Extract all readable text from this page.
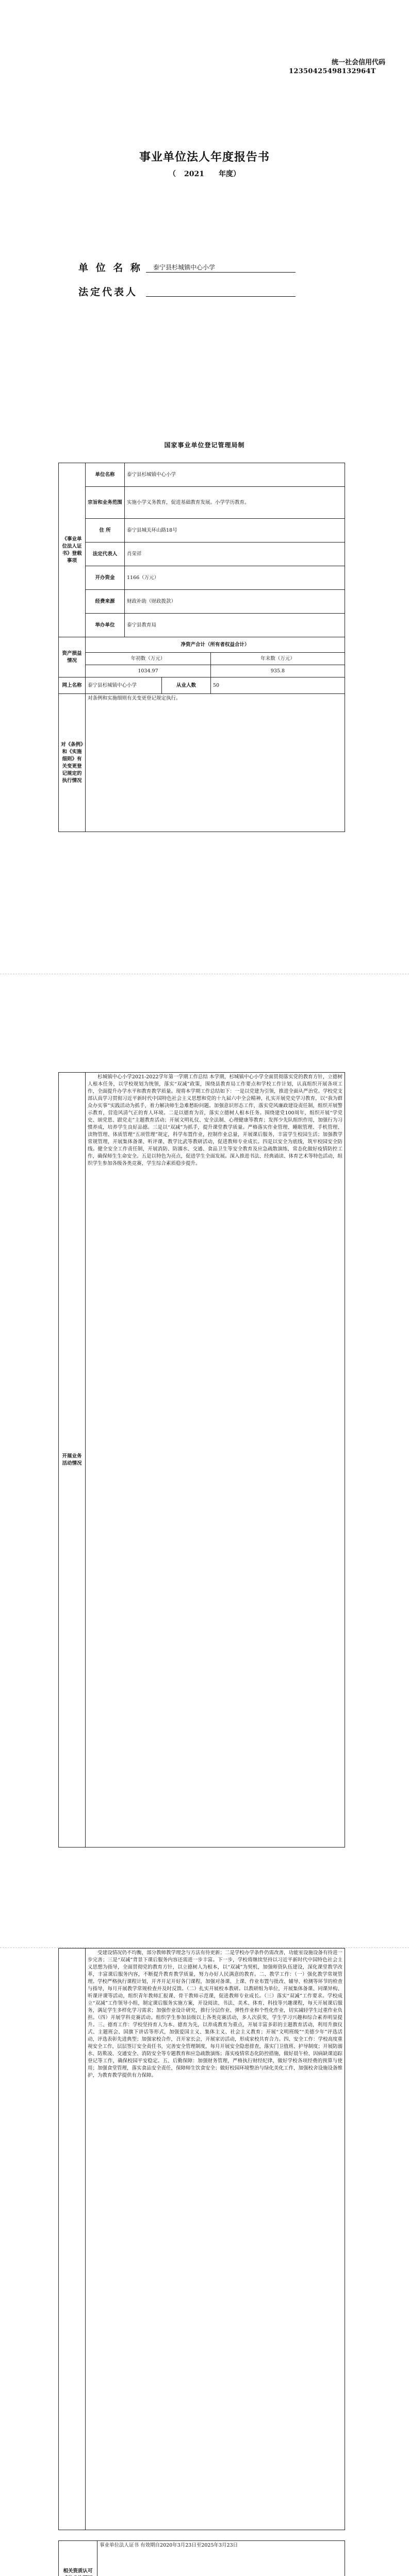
统一社会信用代码
12350425498132964T
事业单位法人年度报告书
（ 2021 年度）
单 位 名 称	泰宁县杉城镇中心小学
法定代表人
国家事业单位登记管理局制
《事业单位法人证书》登载事项	单位名称	泰宁县杉城镇中心小学		
	宗旨和业务范围	实施小学义务教育，促进基础教育发展。小学学历教育。		
	住 所	泰宁县城关环山路18号		
	法定代表人	肖荣祥		
	开办资金	1166（万元）		
	经费来源	财政补助（财政拨款）		
	举办单位	泰宁县教育局		
资产损益情况	净资产合计（所有者权益合计）			
	年初数（万元）			年末数（万元）
	1034.97			935.8
网上名称	泰宁县杉城镇中心小学		从业人数	50
对《条例》和《实施细则》有关变更登记规定的执行情况	对条例和实施细则有关变更登记规定执行。			
开展业务活动情况	杉城镇中心小学2021-2022学年第一学期工作总结 本学期，杉城镇中心小学全面贯彻落实党的教育方针，立德树人根本任务，以学校规划为统领，落实“双减”政策，围绕县教育局工作要点和学校工作计划，认真组织开展各项工作，全面提升办学水平和教育教学质量。现将本学期工作总结如下：一是以党建为引领，推进全面从严治党。学校党支部认真学习贯彻习近平新时代中国特色社会主义思想和党的十九届六中全会精神，扎实开展党史学习教育，以“我为群众办实事”实践活动为抓手，着力解决师生急难愁盼问题。加强意识形态工作，落实党风廉政建设责任制，组织开展警示教育，营造风清气正的育人环境。二是以德育为首，落实立德树人根本任务。围绕建党100周年，组织开展“学党史、颂党恩、跟党走”主题教育活动；开展文明礼仪、安全法制、心理健康等教育；发挥少先队组织作用，加强行为习惯养成，培养学生良好品德。三是以“双减”为抓手，提升课堂教学质量。严格落实作业管理、睡眠管理、手机管理、读物管理、体质管理“五项管理”规定，科学布置作业，控制作业总量，开展课后服务，丰富学生校园生活；加强教学常规管理，开展集体备课、听评课、教学比武等教研活动，促进教师专业成长。四是以安全为底线，筑牢校园安全防线。健全安全工作责任制，开展消防、防溺水、交通、食品卫生等安全教育及应急疏散演练，常态化做好疫情防控工作，确保师生生命安全。五是以特色为亮点，促进学生全面发展。深入推进书法、经典诵读、体育艺术等特色活动，组织学生参加各级各类竞赛，学生综合素质稳步提升。
	受建设情况仍不均衡，部分教师教学理念与方法有待更新；二是学校办学条件仍需改善，功能室设施设备有待进一步完善；三是“双减”背景下课后服务内容还需进一步丰富。下一步，学校将继续坚持以习近平新时代中国特色社会主义思想为指导，全面贯彻党的教育方针，以立德树人为根本，以“双减”为契机，加强师资队伍建设，深化课堂教学改革，丰富课后服务内容，不断提升教育教学质量，努力办好人民满意的教育。二、教学工作：（一）强化教学常规管理。学校严格执行课程计划，开齐开足开好各门课程，加强对备课、上课、作业布置与批改、辅导、检测等环节的检查与指导，每月开展教学常规检查并及时反馈。（二）扎实开展校本教研。以教研组为单位，开展集体备课、同课异构、听课评课等活动，组织青年教师汇报课、骨干教师示范课，促进教师专业成长。（三）落实“双减”工作要求。学校成立“双减”工作领导小组，制定课后服务实施方案，开设阅读、书法、美术、体育、科技等兴趣课程，每天开展课后服务，满足学生多样化学习需求；加强作业设计研究，推行分层作业、弹性作业和个性化作业，切实减轻学生过重作业负担。（四）开展学科竞赛活动。组织学生参加县级以上各类竞赛活动，多人次获奖，学生学习兴趣和综合素养明显提升。三、德育工作：学校坚持育人为本、德育为先，以养成教育为重点，开展丰富多彩的主题教育活动，利用升旗仪式、主题班会、国旗下讲话等形式，加强爱国主义、集体主义、社会主义教育；开展“文明班级”“美德少年”评选活动，评选表彰先进典型；加强家校合作，召开家长会，开展家访活动，形成家校共育合力。四、安全工作：学校高度重视安全工作，层层签订安全责任书，完善安全管理制度，每月开展安全隐患排查，落实门卫值班、护导制度；开展防溺水、防欺凌、交通安全、消防安全等专题教育和应急疏散演练；落实疫情常态化防控措施，做好晨午检、因病缺课追踪登记等工作，确保校园平安稳定。五、后勤保障：加强财务管理，严格执行财经纪律，做好学校各项经费的预算与使用；加强食堂管理，落实食品安全责任，保障师生饮食安全；做好校园环境整治与绿化美化工作，加强校舍设施设备维护，为教育教学提供有力保障。
相关资质认可	事业单位法人证书 有效期自2020年3月23日至2025年3月23日
